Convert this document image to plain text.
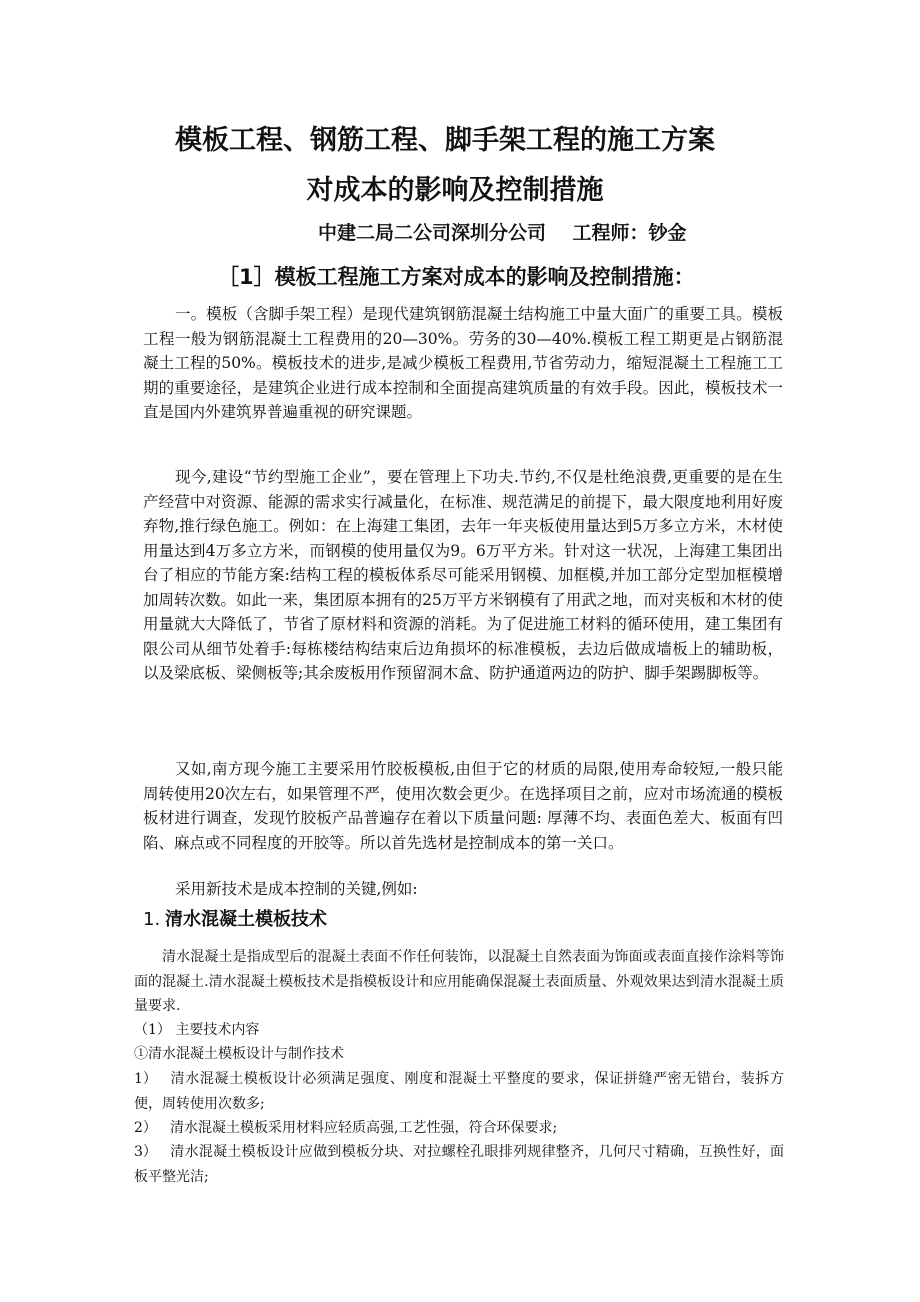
模板工程、钢筋工程、脚手架工程的施工方案
对成本的影响及控制措施
中建二局二公司深圳分公司    工程师：钞金
［1］模板工程施工方案对成本的影响及控制措施：

一。模板（含脚手架工程）是现代建筑钢筋混凝土结构施工中量大面广的重要工具。模板工程一般为钢筋混凝土工程费用的20—30%。劳务的30—40%.模板工程工期更是占钢筋混凝土工程的50%。模板技术的进步,是减少模板工程费用,节省劳动力，缩短混凝土工程施工工期的重要途径，是建筑企业进行成本控制和全面提高建筑质量的有效手段。因此，模板技术一直是国内外建筑界普遍重视的研究课题。

现今,建设“节约型施工企业”，要在管理上下功夫.节约,不仅是杜绝浪费,更重要的是在生产经营中对资源、能源的需求实行减量化，在标准、规范满足的前提下，最大限度地利用好废弃物,推行绿色施工。例如：在上海建工集团，去年一年夹板使用量达到5万多立方米，木材使用量达到4万多立方米，而钢模的使用量仅为9。6万平方米。针对这一状况，上海建工集团出台了相应的节能方案:结构工程的模板体系尽可能采用钢模、加框模,并加工部分定型加框模增加周转次数。如此一来，集团原本拥有的25万平方米钢模有了用武之地，而对夹板和木材的使用量就大大降低了，节省了原材料和资源的消耗。为了促进施工材料的循环使用，建工集团有限公司从细节处着手:每栋楼结构结束后边角损坏的标准模板，去边后做成墙板上的辅助板，以及梁底板、梁侧板等;其余废板用作预留洞木盒、防护通道两边的防护、脚手架踢脚板等。

又如,南方现今施工主要采用竹胶板模板,由但于它的材质的局限,使用寿命较短,一般只能周转使用20次左右，如果管理不严，使用次数会更少。在选择项目之前，应对市场流通的模板板材进行调查，发现竹胶板产品普遍存在着以下质量问题: 厚薄不均、表面色差大、板面有凹陷、麻点或不同程度的开胶等。所以首先选材是控制成本的第一关口。

采用新技术是成本控制的关键,例如:

1. 清水混凝土模板技术

清水混凝土是指成型后的混凝土表面不作任何装饰，以混凝土自然表面为饰面或表面直接作涂料等饰面的混凝土.清水混凝土模板技术是指模板设计和应用能确保混凝土表面质量、外观效果达到清水混凝土质量要求.

（1） 主要技术内容

①清水混凝土模板设计与制作技术

1） 清水混凝土模板设计必须满足强度、刚度和混凝土平整度的要求，保证拼缝严密无错台，装拆方便，周转使用次数多;

2） 清水混凝土模板采用材料应轻质高强,工艺性强，符合环保要求;

3） 清水混凝土模板设计应做到模板分块、对拉螺栓孔眼排列规律整齐，几何尺寸精确，互换性好，面板平整光洁;
